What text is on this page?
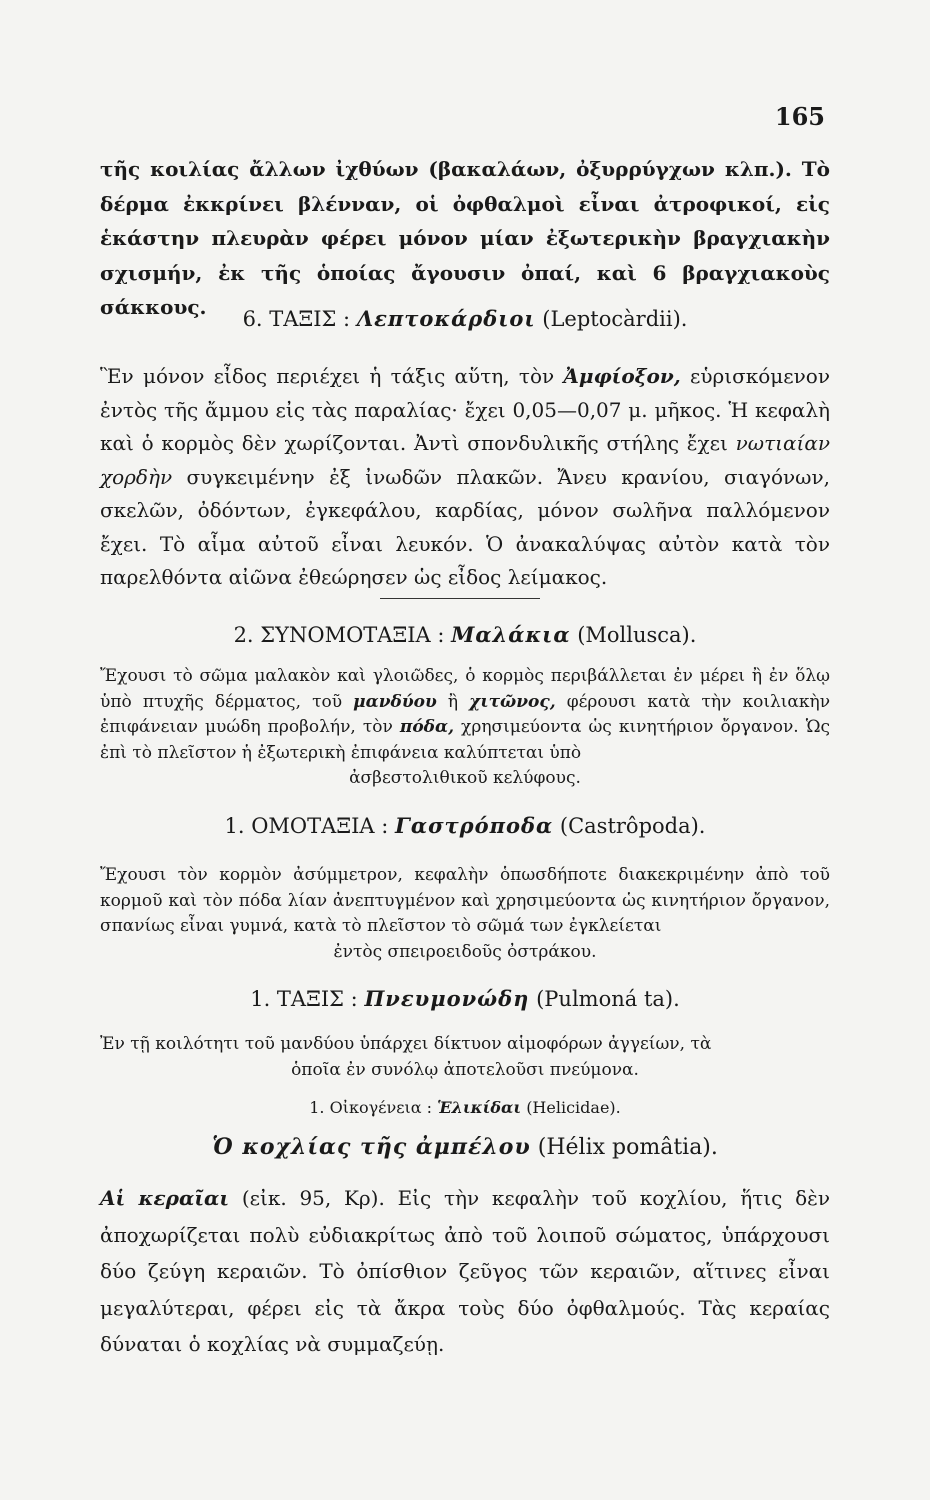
165

τῆς κοιλίας ἄλλων ἰχθύων (βακαλάων, ὀξυρρύγχων κλπ.). Τὸ δέρμα ἐκκρίνει βλένναν, οἱ ὀφθαλμοὶ εἶναι ἀτροφικοί, εἰς ἑκάστην πλευρὰν φέρει μόνον μίαν ἐξωτερικὴν βραγχιακὴν σχισμήν, ἐκ τῆς ὁποίας ἄγουσιν ὀπαί, καὶ 6 βραγχιακοὺς σάκκους.	6. ΤΑΞΙΣ : Λεπτοκάρδιοι (Leptocàrdii).
Ἓν μόνον εἶδος περιέχει ἡ τάξις αὕτη, τὸν Ἀμφίοξον, εὑρισκόμενον ἐντὸς τῆς ἄμμου εἰς τὰς παραλίας· ἔχει 0,05—0,07 μ. μῆκος. Ἡ κεφαλὴ καὶ ὁ κορμὸς δὲν χωρίζονται. Ἀντὶ σπονδυλικῆς στήλης ἔχει νωτιαίαν χορδὴν συγκειμένην ἐξ ἰνωδῶν πλακῶν. Ἄνευ κρανίου, σιαγόνων, σκελῶν, ὀδόντων, ἐγκεφάλου, καρδίας, μόνον σωλῆνα παλλόμενον ἔχει. Τὸ αἷμα αὐτοῦ εἶναι λευκόν. Ὁ ἀνακαλύψας αὐτὸν κατὰ τὸν παρελθόντα αἰῶνα ἐθεώρησεν ὡς εἶδος λείμακος.
2. ΣΥΝΟΜΟΤΑΞΙΑ : Μαλάκια (Mollusca).

Ἔχουσι τὸ σῶμα μαλακὸν καὶ γλοιῶδες, ὁ κορμὸς περιβάλλεται ἐν μέρει ἢ ἐν ὅλῳ ὑπὸ πτυχῆς δέρματος, τοῦ μανδύου ἢ χιτῶνος, φέρουσι κατὰ τὴν κοιλιακὴν ἐπιφάνειαν μυώδη προβολήν, τὸν πόδα, χρησιμεύοντα ὡς κινητήριον ὄργανον. Ὡς ἐπὶ τὸ πλεῖστον ἡ ἐξωτερικὴ ἐπιφάνεια καλύπτεται ὑπὸ

ἀσβεστολιθικοῦ κελύφους.

1. ΟΜΟΤΑΞΙΑ : Γαστρόποδα (Castrôpoda).

Ἔχουσι τὸν κορμὸν ἀσύμμετρον, κεφαλὴν ὁπωσδήποτε διακεκριμένην ἀπὸ τοῦ κορμοῦ καὶ τὸν πόδα λίαν ἀνεπτυγμένον καὶ χρησιμεύοντα ὡς κινητήριον ὄργανον, σπανίως εἶναι γυμνά, κατὰ τὸ πλεῖστον τὸ σῶμά των ἐγκλείεται

ἐντὸς σπειροειδοῦς ὀστράκου.

1. ΤΑΞΙΣ : Πνευμονώδη (Pulmoná ta).

Ἐν τῇ κοιλότητι τοῦ μανδύου ὑπάρχει δίκτυον αἱμοφόρων ἀγγείων, τὰ

ὁποῖα ἐν συνόλῳ ἀποτελοῦσι πνεύμονα.

1. Οἰκογένεια : Ἑλικίδαι (Helicidae).
Ὁ κοχλίας τῆς ἀμπέλου (Hélix pomâtia).
Αἱ κεραῖαι (εἰκ. 95, Κρ). Εἰς τὴν κεφαλὴν τοῦ κοχλίου, ἥτις δὲν ἀποχωρίζεται πολὺ εὐδιακρίτως ἀπὸ τοῦ λοιποῦ σώματος, ὑπάρχουσι δύο ζεύγη κεραιῶν. Τὸ ὀπίσθιον ζεῦγος τῶν κεραιῶν, αἵτινες εἶναι μεγαλύτεραι, φέρει εἰς τὰ ἄκρα τοὺς δύο ὀφθαλμούς. Τὰς κεραίας δύναται ὁ κοχλίας νὰ συμμαζεύῃ.
